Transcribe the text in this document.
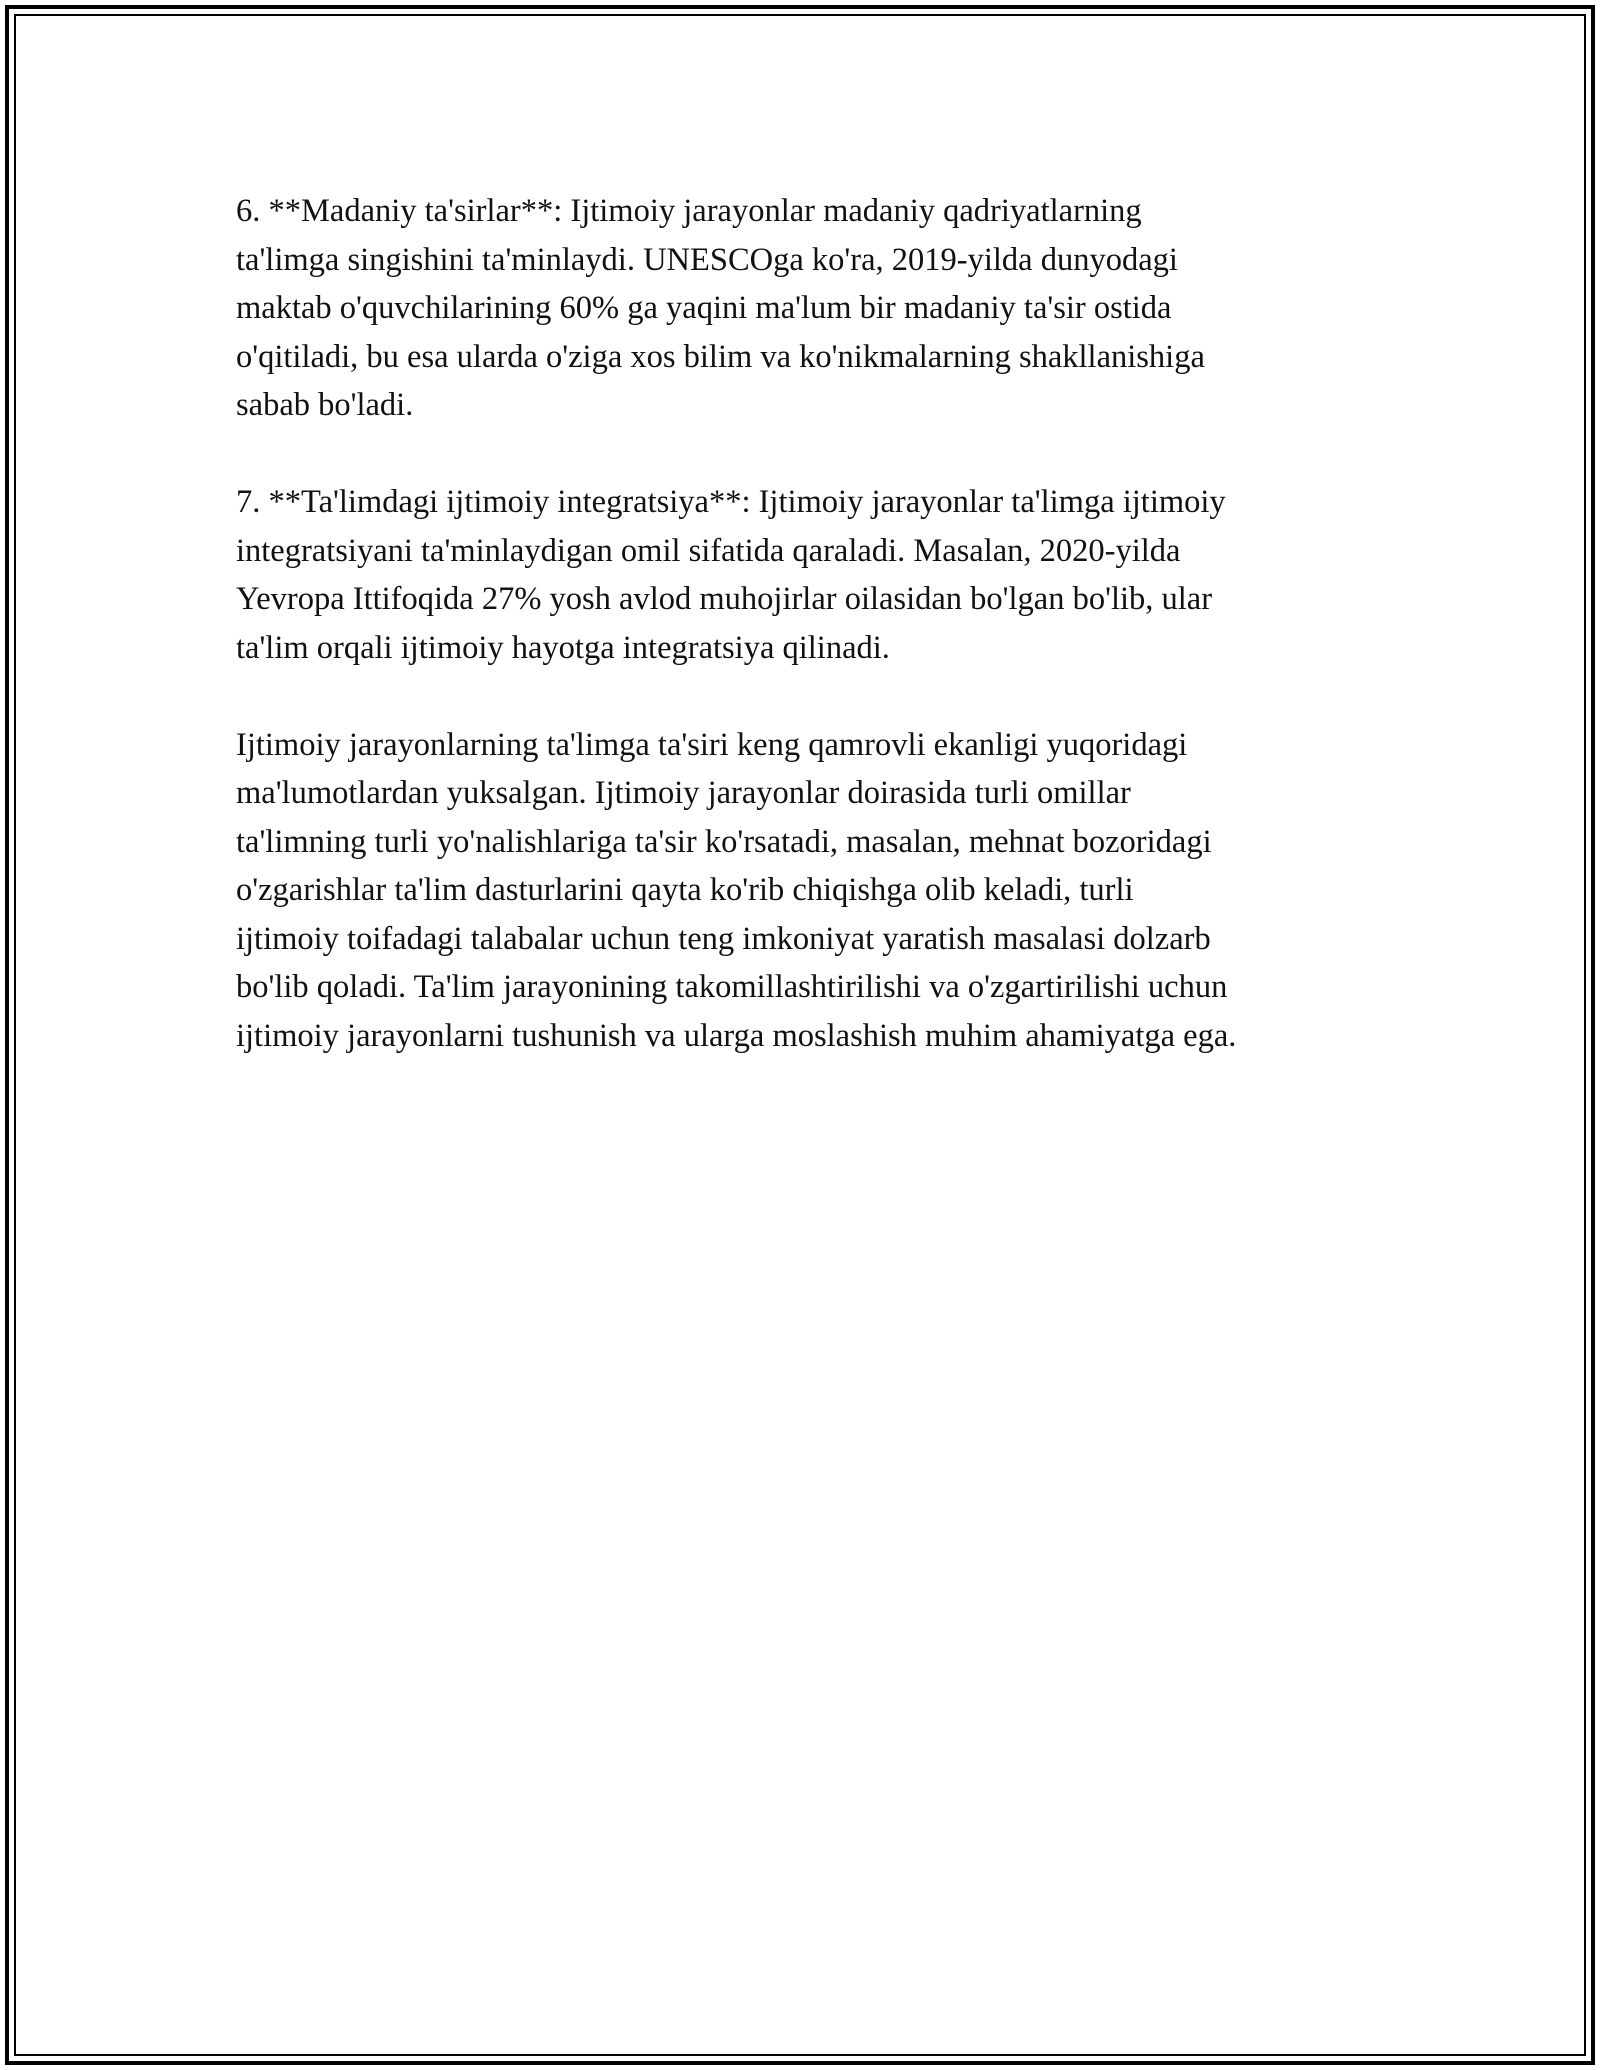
6. **Madaniy ta'sirlar**: Ijtimoiy jarayonlar madaniy qadriyatlarning
ta'limga singishini ta'minlaydi. UNESCOga ko'ra, 2019-yilda dunyodagi
maktab o'quvchilarining 60% ga yaqini ma'lum bir madaniy ta'sir ostida
o'qitiladi, bu esa ularda o'ziga xos bilim va ko'nikmalarning shakllanishiga
sabab bo'ladi.

7. **Ta'limdagi ijtimoiy integratsiya**: Ijtimoiy jarayonlar ta'limga ijtimoiy
integratsiyani ta'minlaydigan omil sifatida qaraladi. Masalan, 2020-yilda
Yevropa Ittifoqida 27% yosh avlod muhojirlar oilasidan bo'lgan bo'lib, ular
ta'lim orqali ijtimoiy hayotga integratsiya qilinadi.

Ijtimoiy jarayonlarning ta'limga ta'siri keng qamrovli ekanligi yuqoridagi
ma'lumotlardan yuksalgan. Ijtimoiy jarayonlar doirasida turli omillar
ta'limning turli yo'nalishlariga ta'sir ko'rsatadi, masalan, mehnat bozoridagi
o'zgarishlar ta'lim dasturlarini qayta ko'rib chiqishga olib keladi, turli
ijtimoiy toifadagi talabalar uchun teng imkoniyat yaratish masalasi dolzarb
bo'lib qoladi. Ta'lim jarayonining takomillashtirilishi va o'zgartirilishi uchun
ijtimoiy jarayonlarni tushunish va ularga moslashish muhim ahamiyatga ega.
